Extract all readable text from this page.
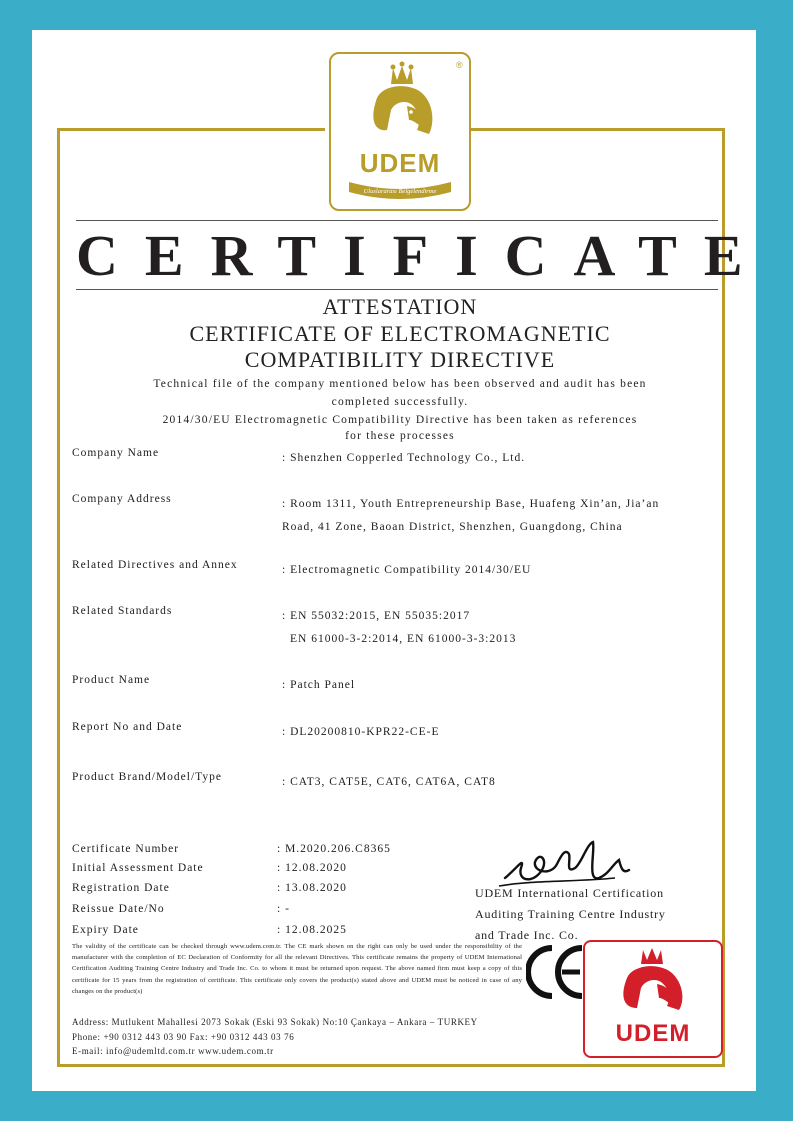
Uluslararası Belgelendirme
®
UDEM
CERTIFICATE
ATTESTATION
CERTIFICATE OF ELECTROMAGNETIC
COMPATIBILITY DIRECTIVE
Technical file of the company mentioned below has been observed and audit has been
completed successfully.
2014/30/EU Electromagnetic Compatibility Directive has been taken as references
for these processes
Company Name	: Shenzhen Copperled Technology Co., Ltd.
Company Address	: Room 1311, Youth Entrepreneurship Base, Huafeng Xin’an, Jia’an
Road, 41 Zone, Baoan District, Shenzhen, Guangdong, China
Related Directives and Annex	: Electromagnetic Compatibility 2014/30/EU
Related Standards	: EN 55032:2015, EN 55035:2017
EN 61000-3-2:2014, EN 61000-3-3:2013
Product Name	: Patch Panel
Report No and Date	: DL20200810-KPR22-CE-E
Product Brand/Model/Type	: CAT3, CAT5E, CAT6, CAT6A, CAT8
Certificate Number	: M.2020.206.C8365
Initial Assessment Date	: 12.08.2020
Registration Date	: 13.08.2020
Reissue Date/No	: -
Expiry Date	: 12.08.2025
UDEM International Certification
Auditing Training Centre Industry
and Trade Inc. Co.
The validity of the certificate can be checked through www.udem.com.tr. The CE mark shown on the right can only be used under the responsibility of the manufacturer with the completion of EC Declaration of Conformity for all the relevant Directives. This certificate remains the property of UDEM International Certification Auditing Training Centre Industry and Trade Inc. Co. to whom it must be returned upon request. The above named firm must keep a copy of this certificate for 15 years from the registration of certificate. This certificate only covers the product(s) stated above and UDEM must be noticed in case of any changes on the product(s)
Address: Mutlukent Mahallesi 2073 Sokak (Eski 93 Sokak) No:10 Çankaya – Ankara – TURKEY
Phone: +90 0312 443 03 90 Fax: +90 0312 443 03 76
E-mail: info@udemltd.com.tr www.udem.com.tr
UDEM
